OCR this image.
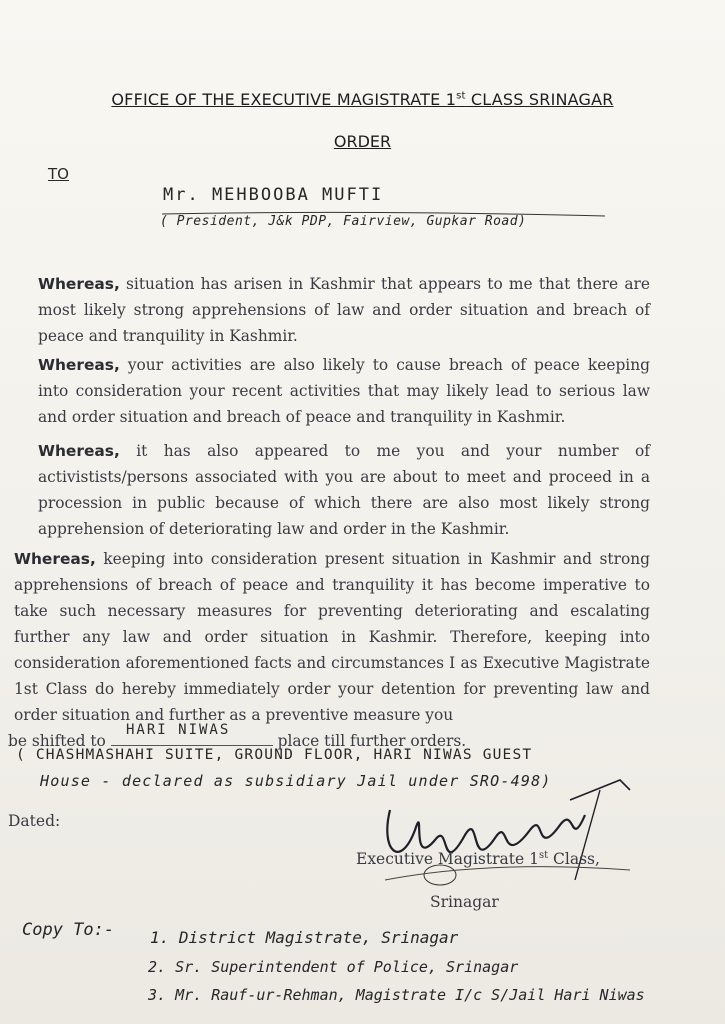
OFFICE OF THE EXECUTIVE MAGISTRATE 1st CLASS SRINAGAR
ORDER
TO
Mr. MEHBOOBA MUFTI
( President, J&k PDP, Fairview, Gupkar Road)
Whereas, situation has arisen in Kashmir that appears to me that there are most likely strong apprehensions of law and order situation and breach of peace and tranquility in Kashmir.
Whereas, your activities are also likely to cause breach of peace keeping into consideration your recent activities that may likely lead to serious law and order situation and breach of peace and tranquility in Kashmir.
Whereas, it has also appeared to me you and your number of activistists/persons associated with you are about to meet and proceed in a procession in public because of which there are also most likely strong apprehension of deteriorating law and order in the Kashmir.
Whereas, keeping into consideration present situation in Kashmir and strong apprehensions of breach of peace and tranquility it has become imperative to take such necessary measures for preventing deteriorating and escalating further any law and order situation in Kashmir. Therefore, keeping into consideration aforementioned facts and circumstances I as Executive Magistrate 1st Class do hereby immediately order your detention for preventing law and order situation and further as a preventive measure you
be shifted to	place till further orders.
HARI NIWAS
( CHASHMASHAHI SUITE, GROUND FLOOR, HARI NIWAS GUEST
House - declared as subsidiary Jail under SRO-498)
Dated:
Executive Magistrate 1st Class,
Srinagar
Copy To:- 1. District Magistrate, Srinagar
2. Sr. Superintendent of Police, Srinagar
3. Mr. Rauf-ur-Rehman, Magistrate I/c S/Jail Hari Niwas
